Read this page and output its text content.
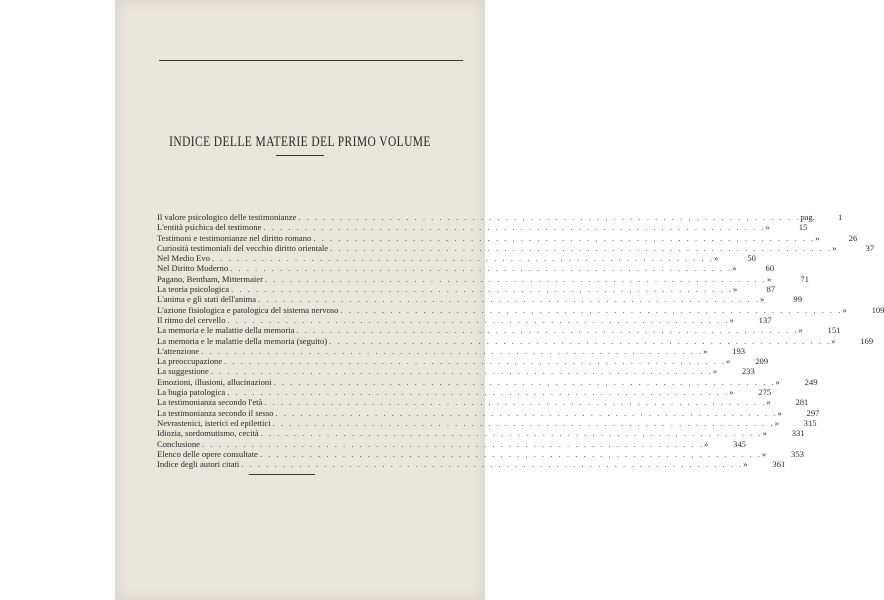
INDICE DELLE MATERIE DEL PRIMO VOLUME
Il valore psicologico delle testimonianze . . . . . . . . . . . . . . . . . . . . . . . . . . . . . . . . . . . . . . . . . . . . . . . . . . . . . . . . . . . . . pag.	1
L'entità psichica del testimone . . . . . . . . . . . . . . . . . . . . . . . . . . . . . . . . . . . . . . . . . . . . . . . . . . . . . . . . . . . . . »	15
Testimoni e testimonianze nel diritto romano . . . . . . . . . . . . . . . . . . . . . . . . . . . . . . . . . . . . . . . . . . . . . . . . . . . . . . . . . . . . . »	26
Curiosità testimoniali del vecchio diritto orientale . . . . . . . . . . . . . . . . . . . . . . . . . . . . . . . . . . . . . . . . . . . . . . . . . . . . . . . . . . . . . »	37
Nel Medio Evo . . . . . . . . . . . . . . . . . . . . . . . . . . . . . . . . . . . . . . . . . . . . . . . . . . . . . . . . . . . . . »	50
Nel Diritto Moderno . . . . . . . . . . . . . . . . . . . . . . . . . . . . . . . . . . . . . . . . . . . . . . . . . . . . . . . . . . . . . »	60
Pagano, Bentham, Mittermaier . . . . . . . . . . . . . . . . . . . . . . . . . . . . . . . . . . . . . . . . . . . . . . . . . . . . . . . . . . . . . »	71
La teoria psicologica . . . . . . . . . . . . . . . . . . . . . . . . . . . . . . . . . . . . . . . . . . . . . . . . . . . . . . . . . . . . . »	87
L'anima e gli stati dell'anima . . . . . . . . . . . . . . . . . . . . . . . . . . . . . . . . . . . . . . . . . . . . . . . . . . . . . . . . . . . . . »	99
L'azione fisiologica e patologica del sistema nervoso . . . . . . . . . . . . . . . . . . . . . . . . . . . . . . . . . . . . . . . . . . . . . . . . . . . . . . . . . . . . . »	109
Il ritmo del cervello . . . . . . . . . . . . . . . . . . . . . . . . . . . . . . . . . . . . . . . . . . . . . . . . . . . . . . . . . . . . . »	137
La memoria e le malattie della memoria . . . . . . . . . . . . . . . . . . . . . . . . . . . . . . . . . . . . . . . . . . . . . . . . . . . . . . . . . . . . . »	151
La memoria e le malattie della memoria (seguito) . . . . . . . . . . . . . . . . . . . . . . . . . . . . . . . . . . . . . . . . . . . . . . . . . . . . . . . . . . . . . »	169
L'attenzione . . . . . . . . . . . . . . . . . . . . . . . . . . . . . . . . . . . . . . . . . . . . . . . . . . . . . . . . . . . . . »	193
La preoccupazione . . . . . . . . . . . . . . . . . . . . . . . . . . . . . . . . . . . . . . . . . . . . . . . . . . . . . . . . . . . . . »	209
La suggestione . . . . . . . . . . . . . . . . . . . . . . . . . . . . . . . . . . . . . . . . . . . . . . . . . . . . . . . . . . . . . »	233
Emozioni, illusioni, allucinazioni . . . . . . . . . . . . . . . . . . . . . . . . . . . . . . . . . . . . . . . . . . . . . . . . . . . . . . . . . . . . . »	249
La bugia patologica . . . . . . . . . . . . . . . . . . . . . . . . . . . . . . . . . . . . . . . . . . . . . . . . . . . . . . . . . . . . . »	275
La testimonianza secondo l'età . . . . . . . . . . . . . . . . . . . . . . . . . . . . . . . . . . . . . . . . . . . . . . . . . . . . . . . . . . . . . »	281
La testimonianza secondo il sesso . . . . . . . . . . . . . . . . . . . . . . . . . . . . . . . . . . . . . . . . . . . . . . . . . . . . . . . . . . . . . »	297
Nevrastenici, isterici ed epilettici . . . . . . . . . . . . . . . . . . . . . . . . . . . . . . . . . . . . . . . . . . . . . . . . . . . . . . . . . . . . . »	315
Idiozia, sordomutismo, cecità . . . . . . . . . . . . . . . . . . . . . . . . . . . . . . . . . . . . . . . . . . . . . . . . . . . . . . . . . . . . . »	331
Conclusione . . . . . . . . . . . . . . . . . . . . . . . . . . . . . . . . . . . . . . . . . . . . . . . . . . . . . . . . . . . . . »	345
Elenco delle opere consultate . . . . . . . . . . . . . . . . . . . . . . . . . . . . . . . . . . . . . . . . . . . . . . . . . . . . . . . . . . . . . »	353
Indice degli autori citati . . . . . . . . . . . . . . . . . . . . . . . . . . . . . . . . . . . . . . . . . . . . . . . . . . . . . . . . . . . . . »	361
